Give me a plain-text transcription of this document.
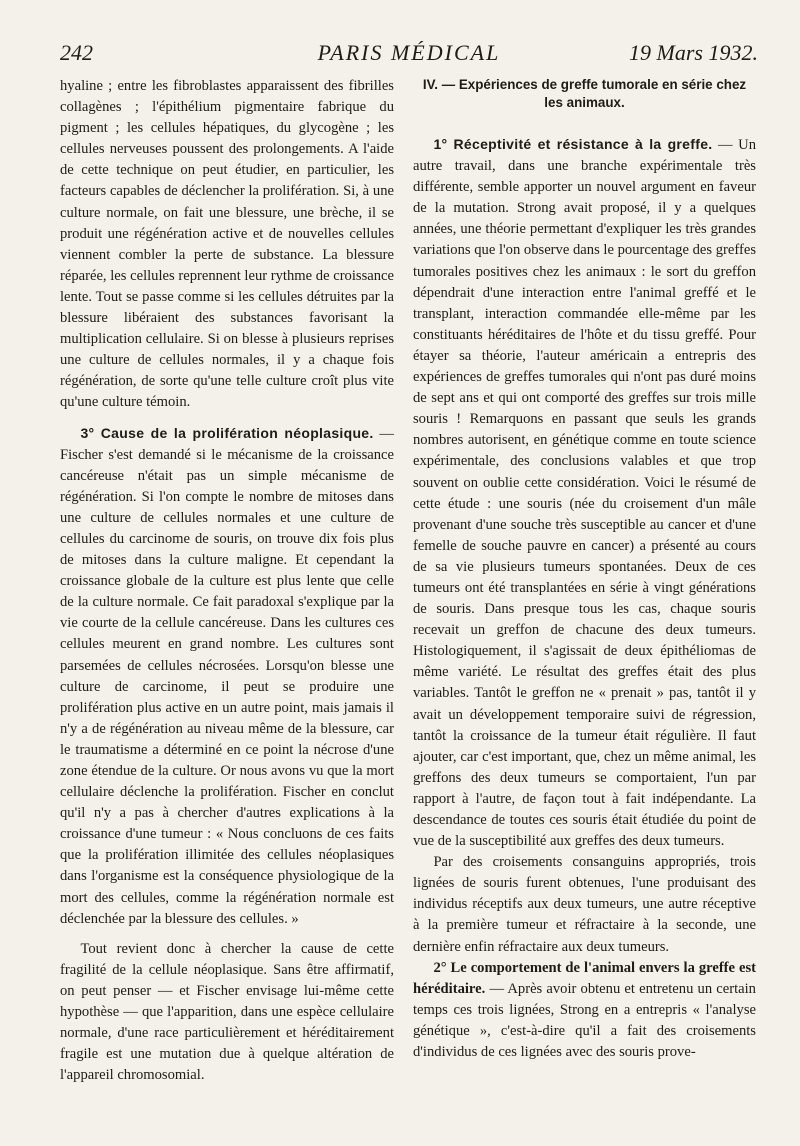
242	PARIS MÉDICAL	19 Mars 1932.

hyaline ; entre les fibroblastes apparaissent des fibrilles collagènes ; l'épithélium pigmentaire fabrique du pigment ; les cellules hépatiques, du glycogène ; les cellules nerveuses poussent des prolongements. A l'aide de cette technique on peut étudier, en particulier, les facteurs capables de déclencher la prolifération. Si, à une culture normale, on fait une blessure, une brèche, il se produit une régénération active et de nouvelles cellules viennent combler la perte de substance. La blessure réparée, les cellules reprennent leur rythme de croissance lente. Tout se passe comme si les cellules détruites par la blessure libéraient des substances favorisant la multiplication cellulaire. Si on blesse à plusieurs reprises une culture de cellules normales, il y a chaque fois régénération, de sorte qu'une telle culture croît plus vite qu'une culture témoin.

3° Cause de la prolifération néoplasique. — Fischer s'est demandé si le mécanisme de la croissance cancéreuse n'était pas un simple mécanisme de régénération. Si l'on compte le nombre de mitoses dans une culture de cellules normales et une culture de cellules du carcinome de souris, on trouve dix fois plus de mitoses dans la culture maligne. Et cependant la croissance globale de la culture est plus lente que celle de la culture normale. Ce fait paradoxal s'explique par la vie courte de la cellule cancéreuse. Dans les cultures ces cellules meurent en grand nombre. Les cultures sont parsemées de cellules nécrosées. Lorsqu'on blesse une culture de carcinome, il peut se produire une prolifération plus active en un autre point, mais jamais il n'y a de régénération au niveau même de la blessure, car le traumatisme a déterminé en ce point la nécrose d'une zone étendue de la culture. Or nous avons vu que la mort cellulaire déclenche la prolifération. Fischer en conclut qu'il n'y a pas à chercher d'autres explications à la croissance d'une tumeur : « Nous concluons de ces faits que la prolifération illimitée des cellules néoplasiques dans l'organisme est la conséquence physiologique de la mort des cellules, comme la régénération normale est déclenchée par la blessure des cellules. »

Tout revient donc à chercher la cause de cette fragilité de la cellule néoplasique. Sans être affirmatif, on peut penser — et Fischer envisage lui-même cette hypothèse — que l'apparition, dans une espèce cellulaire normale, d'une race particulièrement et héréditairement fragile est une mutation due à quelque altération de l'appareil chromosomial.

IV. — Expériences de greffe tumorale en série chez les animaux.

1° Réceptivité et résistance à la greffe. — Un autre travail, dans une branche expérimentale très différente, semble apporter un nouvel argument en faveur de la mutation. Strong avait proposé, il y a quelques années, une théorie permettant d'expliquer les très grandes variations que l'on observe dans le pourcentage des greffes tumorales positives chez les animaux : le sort du greffon dépendrait d'une interaction entre l'animal greffé et le transplant, interaction commandée elle-même par les constituants héréditaires de l'hôte et du tissu greffé. Pour étayer sa théorie, l'auteur américain a entrepris des expériences de greffes tumorales qui n'ont pas duré moins de sept ans et qui ont comporté des greffes sur trois mille souris ! Remarquons en passant que seuls les grands nombres autorisent, en génétique comme en toute science expérimentale, des conclusions valables et que trop souvent on oublie cette considération. Voici le résumé de cette étude : une souris (née du croisement d'un mâle provenant d'une souche très susceptible au cancer et d'une femelle de souche pauvre en cancer) a présenté au cours de sa vie plusieurs tumeurs spontanées. Deux de ces tumeurs ont été transplantées en série à vingt générations de souris. Dans presque tous les cas, chaque souris recevait un greffon de chacune des deux tumeurs. Histologiquement, il s'agissait de deux épithéliomas de même variété. Le résultat des greffes était des plus variables. Tantôt le greffon ne « prenait » pas, tantôt il y avait un développement temporaire suivi de régression, tantôt la croissance de la tumeur était régulière. Il faut ajouter, car c'est important, que, chez un même animal, les greffons des deux tumeurs se comportaient, l'un par rapport à l'autre, de façon tout à fait indépendante. La descendance de toutes ces souris était étudiée du point de vue de la susceptibilité aux greffes des deux tumeurs.

Par des croisements consanguins appropriés, trois lignées de souris furent obtenues, l'une produisant des individus réceptifs aux deux tumeurs, une autre réceptive à la première tumeur et réfractaire à la seconde, une dernière enfin réfractaire aux deux tumeurs.

2° Le comportement de l'animal envers la greffe est héréditaire. — Après avoir obtenu et entretenu un certain temps ces trois lignées, Strong en a entrepris « l'analyse génétique », c'est-à-dire qu'il a fait des croisements d'individus de ces lignées avec des souris prove-
